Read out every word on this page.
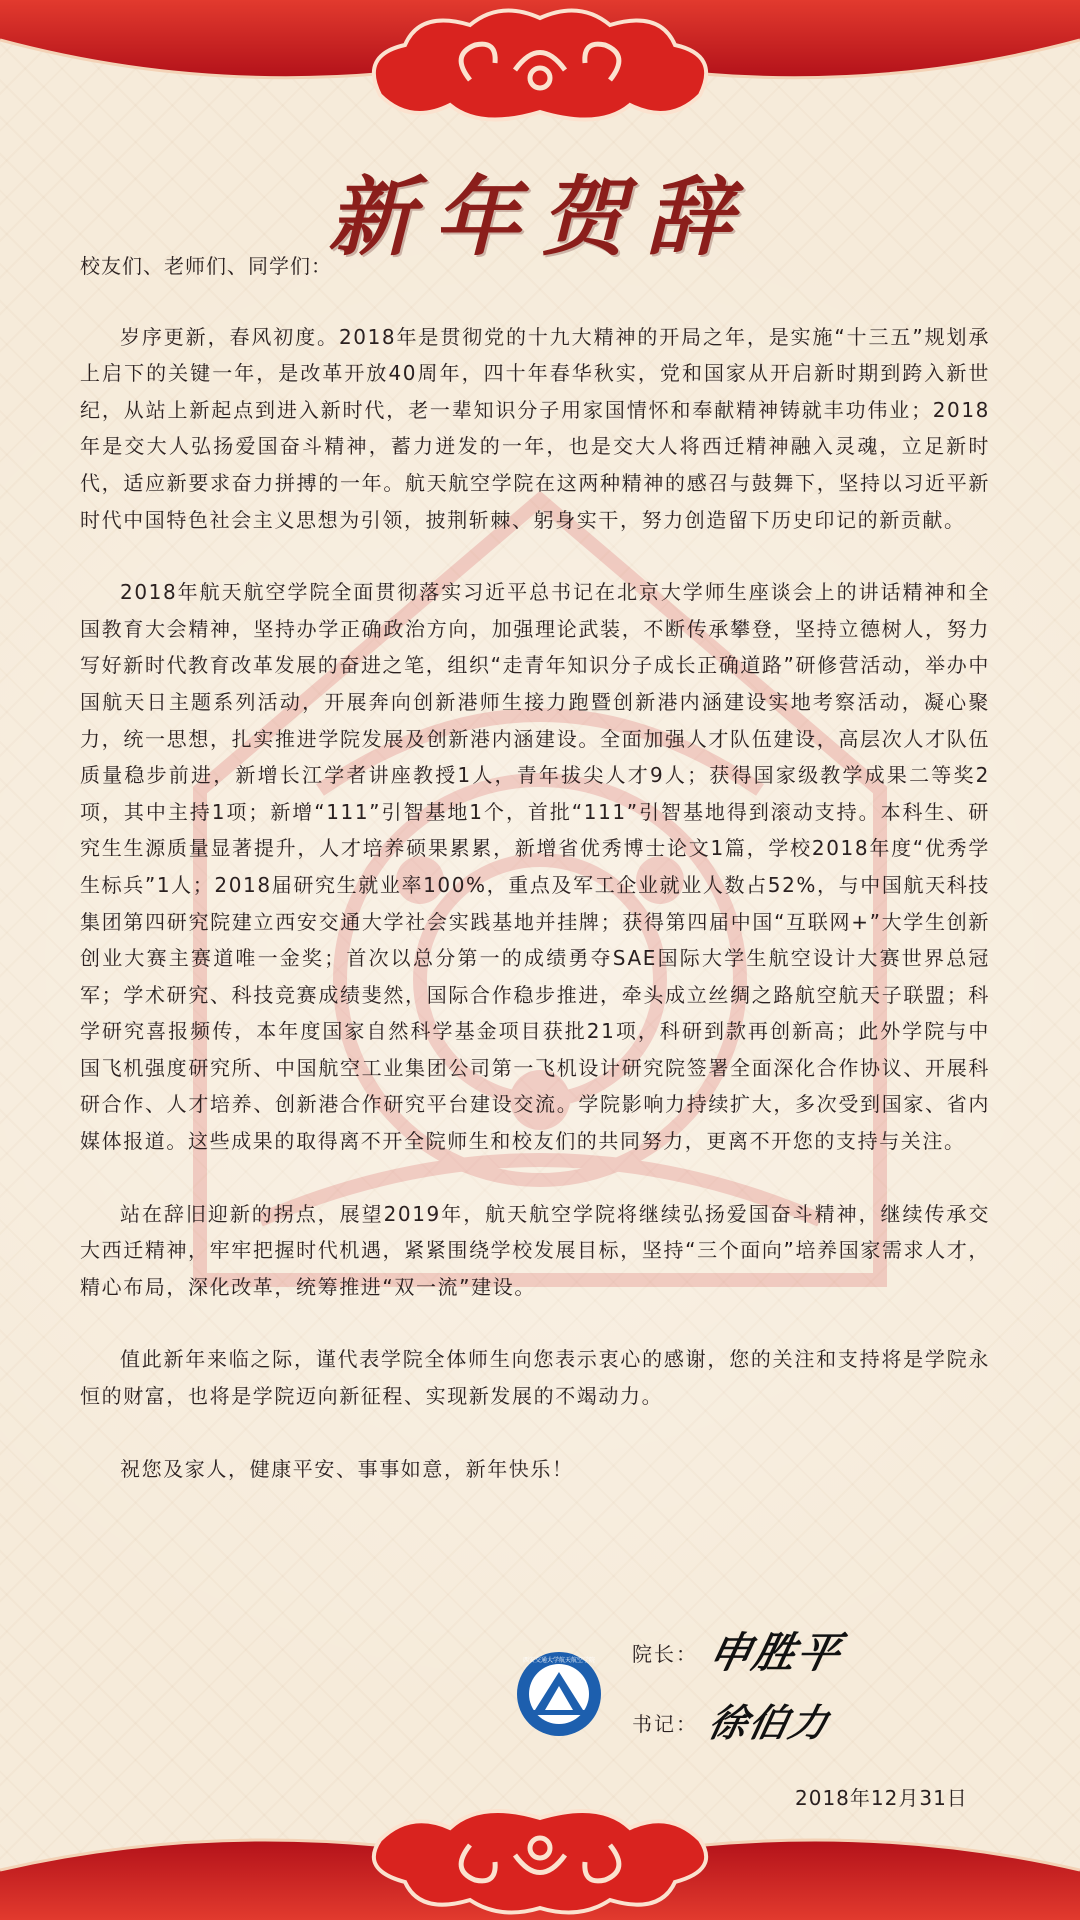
新年贺辞

校友们、老师们、同学们：

岁序更新，春风初度。2018年是贯彻党的十九大精神的开局之年，是实施“十三五”规划承上启下的关键一年，是改革开放40周年，四十年春华秋实，党和国家从开启新时期到跨入新世纪，从站上新起点到进入新时代，老一辈知识分子用家国情怀和奉献精神铸就丰功伟业；2018年是交大人弘扬爱国奋斗精神，蓄力迸发的一年，也是交大人将西迁精神融入灵魂，立足新时代，适应新要求奋力拼搏的一年。航天航空学院在这两种精神的感召与鼓舞下，坚持以习近平新时代中国特色社会主义思想为引领，披荆斩棘、躬身实干，努力创造留下历史印记的新贡献。

2018年航天航空学院全面贯彻落实习近平总书记在北京大学师生座谈会上的讲话精神和全国教育大会精神，坚持办学正确政治方向，加强理论武装，不断传承攀登，坚持立德树人，努力写好新时代教育改革发展的奋进之笔，组织“走青年知识分子成长正确道路”研修营活动，举办中国航天日主题系列活动，开展奔向创新港师生接力跑暨创新港内涵建设实地考察活动，凝心聚力，统一思想，扎实推进学院发展及创新港内涵建设。全面加强人才队伍建设，高层次人才队伍质量稳步前进，新增长江学者讲座教授1人，青年拔尖人才9人；获得国家级教学成果二等奖2项，其中主持1项；新增“111”引智基地1个，首批“111”引智基地得到滚动支持。本科生、研究生生源质量显著提升，人才培养硕果累累，新增省优秀博士论文1篇，学校2018年度“优秀学生标兵”1人；2018届研究生就业率100%，重点及军工企业就业人数占52%，与中国航天科技集团第四研究院建立西安交通大学社会实践基地并挂牌；获得第四届中国“互联网+”大学生创新创业大赛主赛道唯一金奖；首次以总分第一的成绩勇夺SAE国际大学生航空设计大赛世界总冠军；学术研究、科技竞赛成绩斐然，国际合作稳步推进，牵头成立丝绸之路航空航天子联盟；科学研究喜报频传，本年度国家自然科学基金项目获批21项，科研到款再创新高；此外学院与中国飞机强度研究所、中国航空工业集团公司第一飞机设计研究院签署全面深化合作协议、开展科研合作、人才培养、创新港合作研究平台建设交流。学院影响力持续扩大，多次受到国家、省内媒体报道。这些成果的取得离不开全院师生和校友们的共同努力，更离不开您的支持与关注。

站在辞旧迎新的拐点，展望2019年，航天航空学院将继续弘扬爱国奋斗精神，继续传承交大西迁精神，牢牢把握时代机遇，紧紧围绕学校发展目标，坚持“三个面向”培养国家需求人才，精心布局，深化改革，统筹推进“双一流”建设。

值此新年来临之际，谨代表学院全体师生向您表示衷心的感谢，您的关注和支持将是学院永恒的财富，也将是学院迈向新征程、实现新发展的不竭动力。

祝您及家人，健康平安、事事如意，新年快乐！

西安交通大学航天航空学院 院长： 申胜平
书记： 徐伯力
2018年12月31日
